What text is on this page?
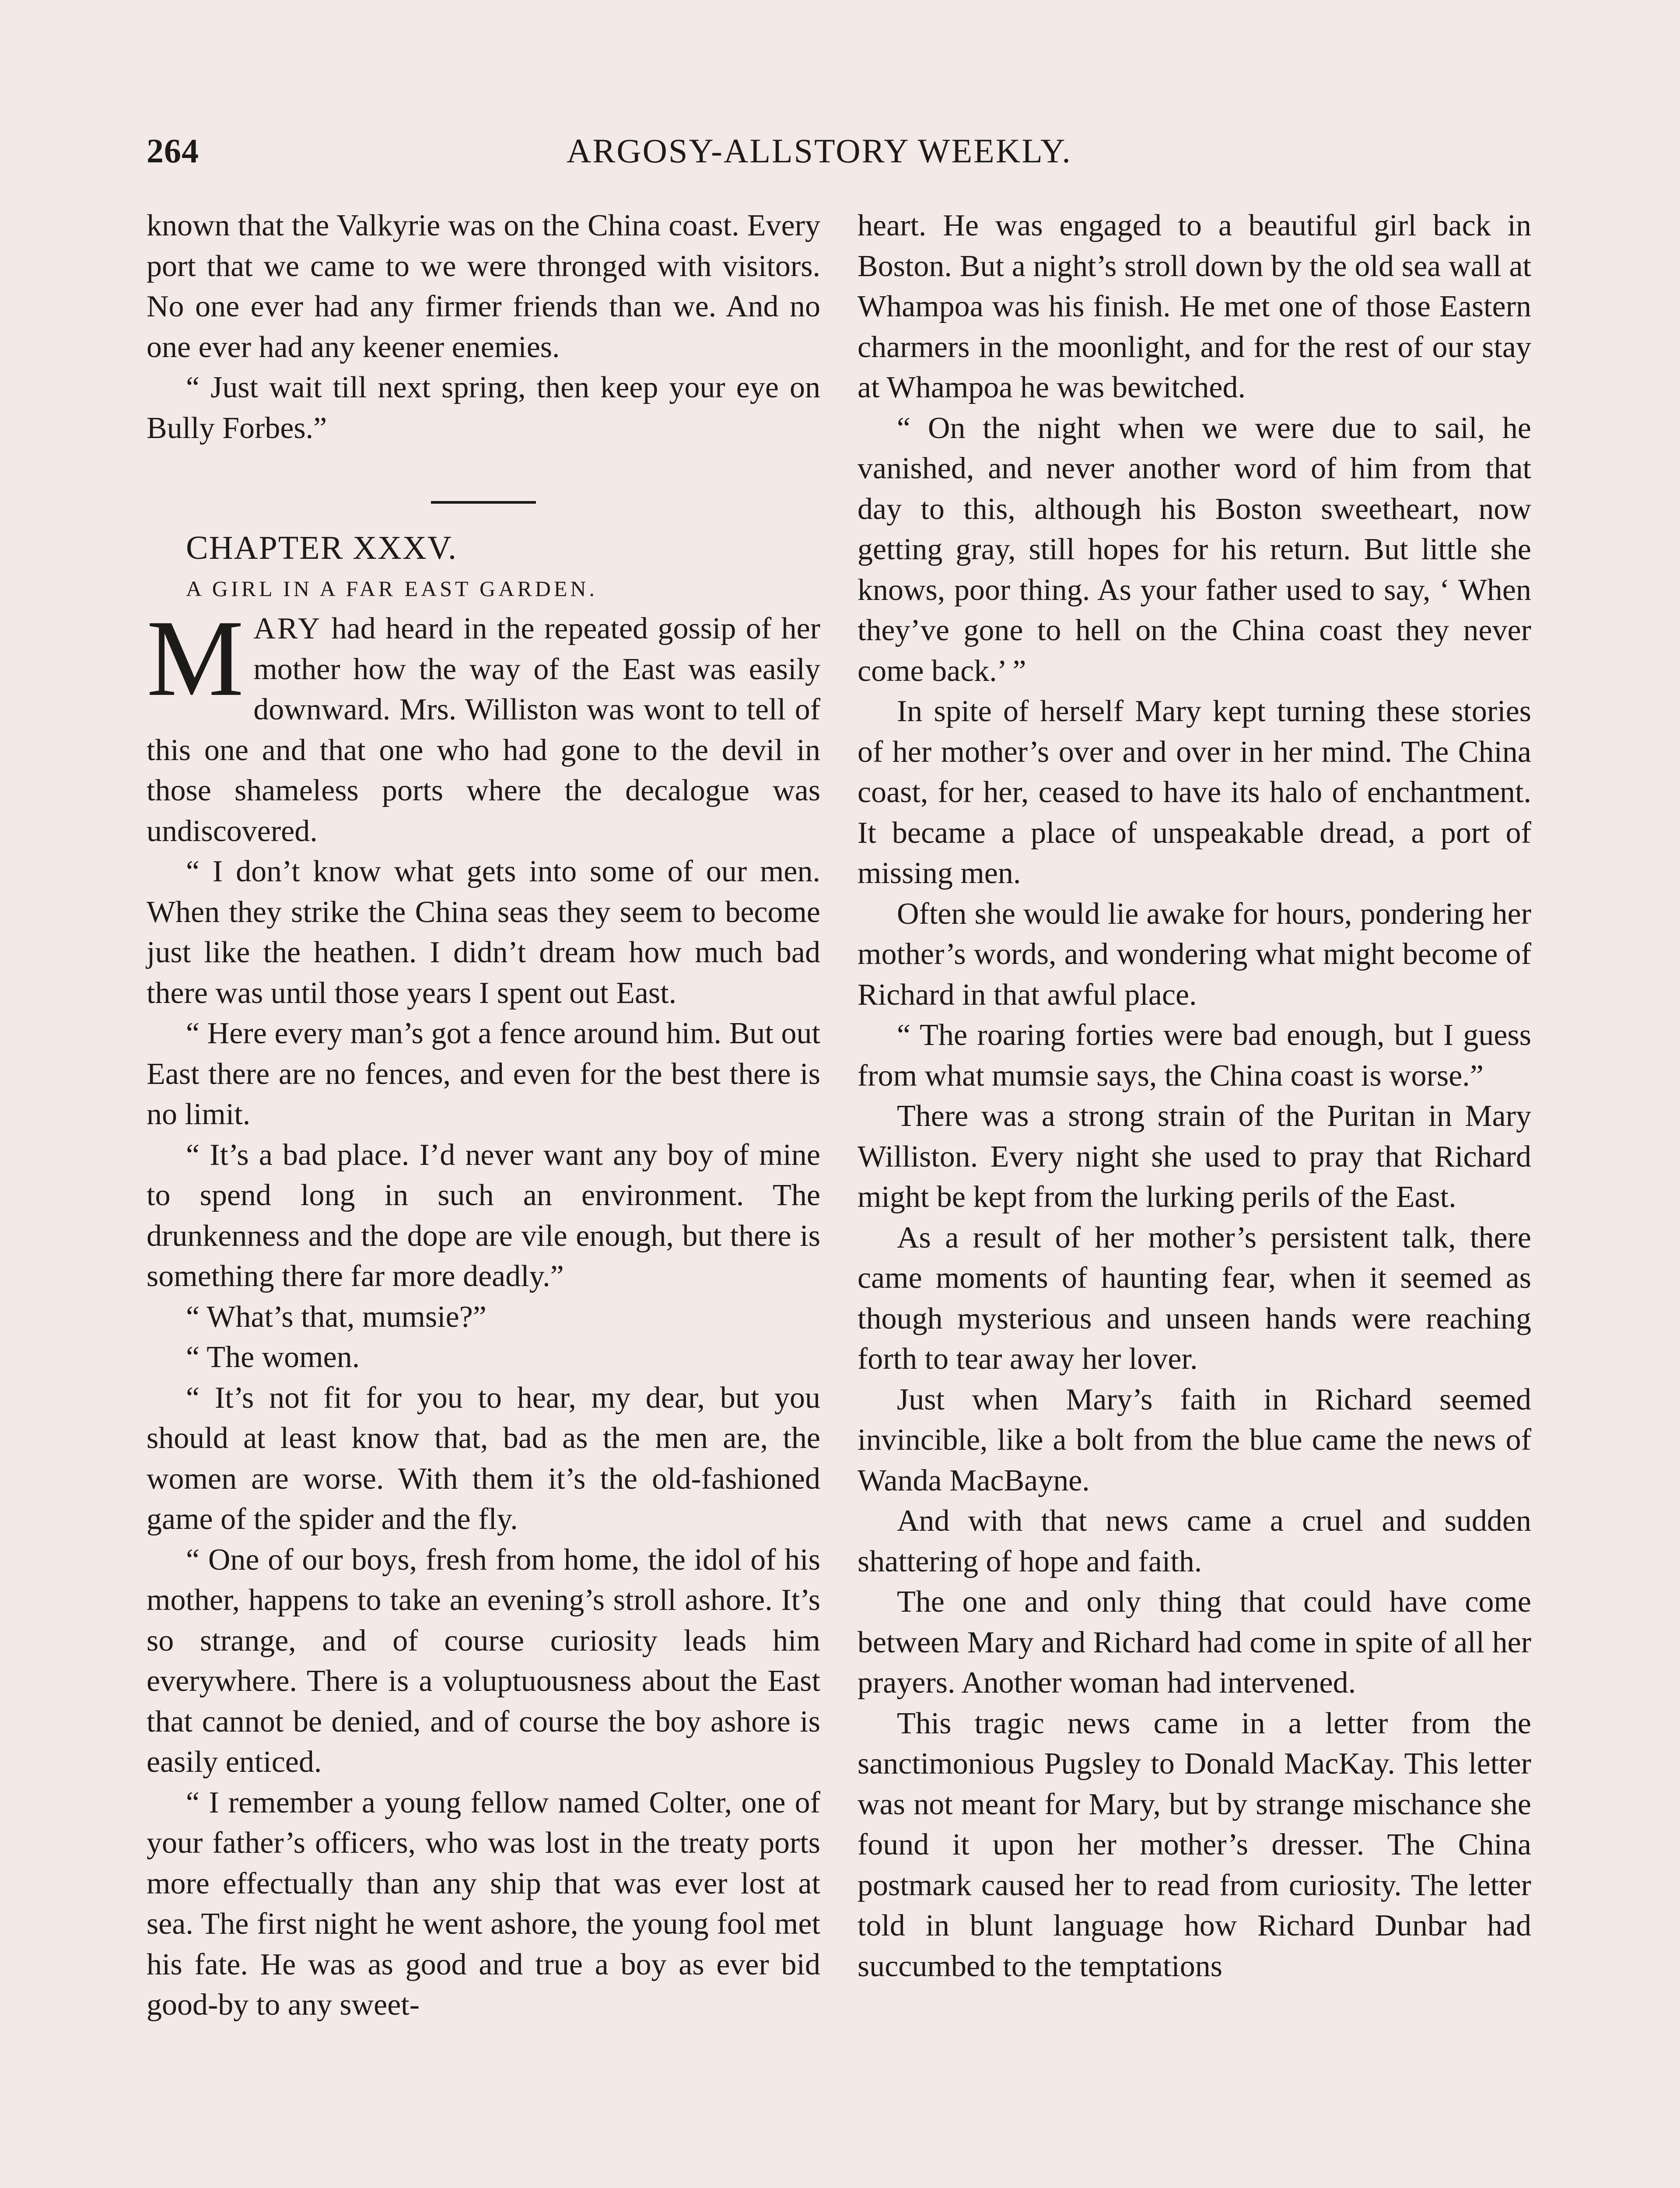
264	ARGOSY-ALLSTORY WEEKLY.

known that the Valkyrie was on the China coast. Every port that we came to we were thronged with visitors. No one ever had any firmer friends than we. And no one ever had any keener enemies.

“ Just wait till next spring, then keep your eye on Bully Forbes.”

CHAPTER XXXV.

A GIRL IN A FAR EAST GARDEN.

MARY had heard in the repeated gossip of her mother how the way of the East was easily downward. Mrs. Williston was wont to tell of this one and that one who had gone to the devil in those shameless ports where the decalogue was undiscovered.

“ I don’t know what gets into some of our men. When they strike the China seas they seem to become just like the heathen. I didn’t dream how much bad there was until those years I spent out East.

“ Here every man’s got a fence around him. But out East there are no fences, and even for the best there is no limit.

“ It’s a bad place. I’d never want any boy of mine to spend long in such an environment. The drunkenness and the dope are vile enough, but there is something there far more deadly.”

“ What’s that, mumsie?”

“ The women.

“ It’s not fit for you to hear, my dear, but you should at least know that, bad as the men are, the women are worse. With them it’s the old-fashioned game of the spider and the fly.

“ One of our boys, fresh from home, the idol of his mother, happens to take an evening’s stroll ashore. It’s so strange, and of course curiosity leads him everywhere. There is a voluptuousness about the East that cannot be denied, and of course the boy ashore is easily enticed.

“ I remember a young fellow named Colter, one of your father’s officers, who was lost in the treaty ports more effectually than any ship that was ever lost at sea. The first night he went ashore, the young fool met his fate. He was as good and true a boy as ever bid good-by to any sweet-

heart. He was engaged to a beautiful girl back in Boston. But a night’s stroll down by the old sea wall at Whampoa was his finish. He met one of those Eastern charmers in the moonlight, and for the rest of our stay at Whampoa he was bewitched.

“ On the night when we were due to sail, he vanished, and never another word of him from that day to this, although his Boston sweetheart, now getting gray, still hopes for his return. But little she knows, poor thing. As your father used to say, ‘ When they’ve gone to hell on the China coast they never come back.’ ”

In spite of herself Mary kept turning these stories of her mother’s over and over in her mind. The China coast, for her, ceased to have its halo of enchantment. It became a place of unspeakable dread, a port of missing men.

Often she would lie awake for hours, pondering her mother’s words, and wondering what might become of Richard in that awful place.

“ The roaring forties were bad enough, but I guess from what mumsie says, the China coast is worse.”

There was a strong strain of the Puritan in Mary Williston. Every night she used to pray that Richard might be kept from the lurking perils of the East.

As a result of her mother’s persistent talk, there came moments of haunting fear, when it seemed as though mysterious and unseen hands were reaching forth to tear away her lover.

Just when Mary’s faith in Richard seemed invincible, like a bolt from the blue came the news of Wanda MacBayne.

And with that news came a cruel and sudden shattering of hope and faith.

The one and only thing that could have come between Mary and Richard had come in spite of all her prayers. Another woman had intervened.

This tragic news came in a letter from the sanctimonious Pugsley to Donald MacKay. This letter was not meant for Mary, but by strange mischance she found it upon her mother’s dresser. The China postmark caused her to read from curiosity. The letter told in blunt language how Richard Dunbar had succumbed to the temptations
